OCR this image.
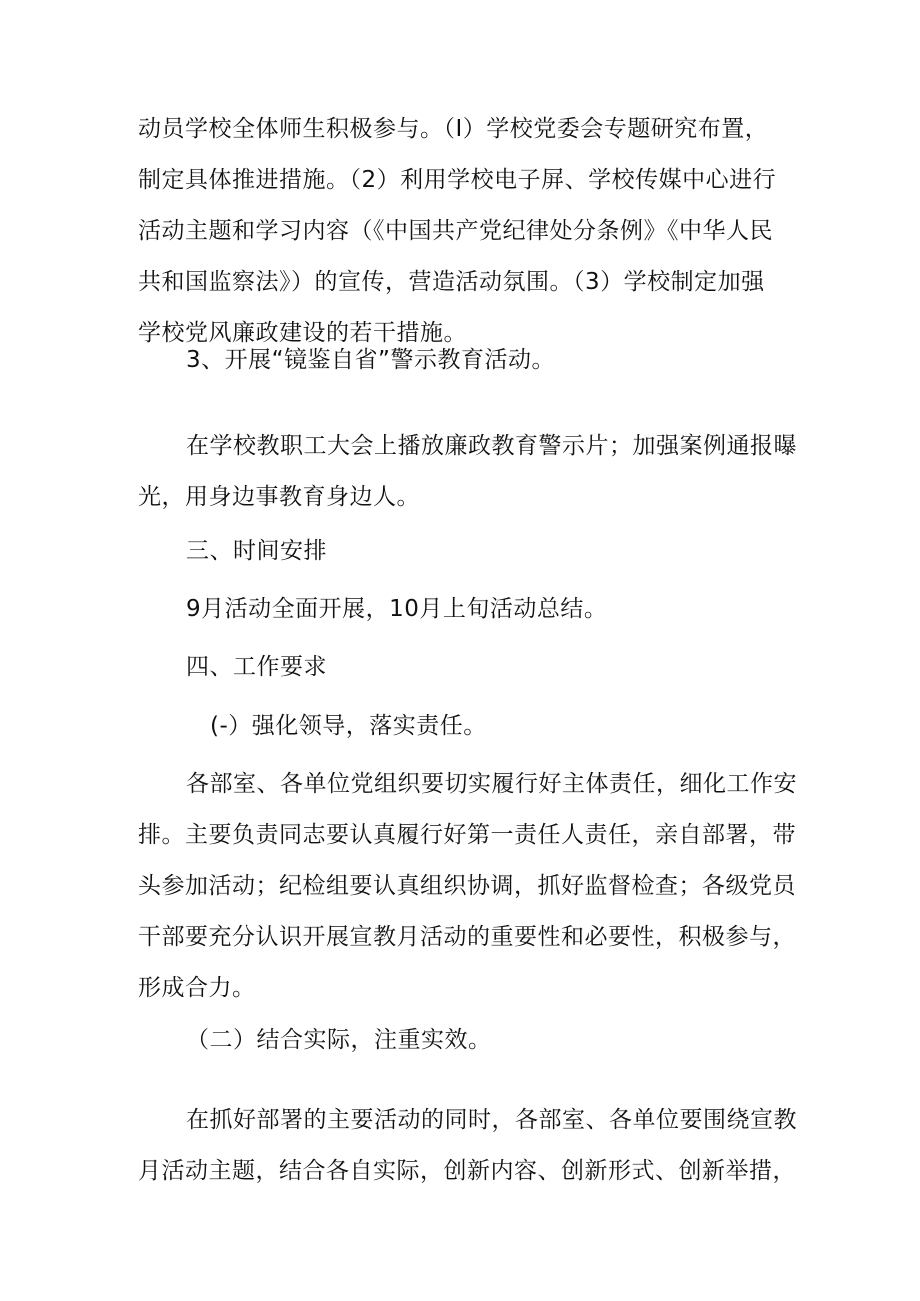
动员学校全体师生积极参与。（I）学校党委会专题研究布置，
制定具体推进措施。（2）利用学校电子屏、学校传媒中心进行
活动主题和学习内容（《中国共产党纪律处分条例》《中华人民
共和国监察法》）的宣传，营造活动氛围。（3）学校制定加强
学校党风廉政建设的若干措施。
3、开展“镜鉴自省”警示教育活动。
在学校教职工大会上播放廉政教育警示片；加强案例通报曝
光，用身边事教育身边人。
三、时间安排
9月活动全面开展，10月上旬活动总结。
四、工作要求
(-）强化领导，落实责任。
各部室、各单位党组织要切实履行好主体责任，细化工作安
排。主要负责同志要认真履行好第一责任人责任，亲自部署，带
头参加活动；纪检组要认真组织协调，抓好监督检查；各级党员
干部要充分认识开展宣教月活动的重要性和必要性，积极参与，
形成合力。
（二）结合实际，注重实效。
在抓好部署的主要活动的同时，各部室、各单位要围绕宣教
月活动主题，结合各自实际，创新内容、创新形式、创新举措，
